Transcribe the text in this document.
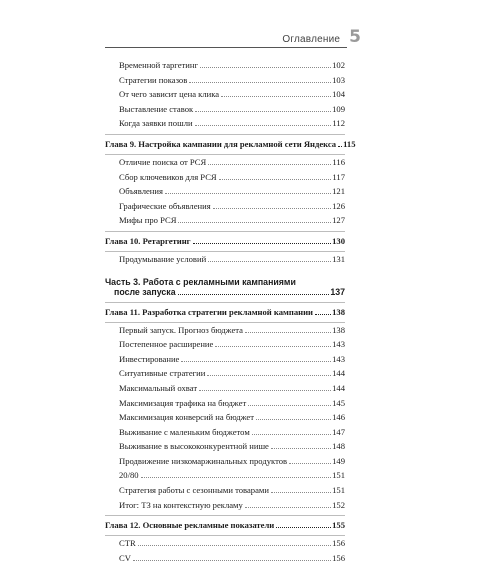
Оглавление 5
Временной таргетинг	102
Стратегии показов	103
От чего зависит цена клика	104
Выставление ставок	109
Когда заявки пошли	112
Глава 9. Настройка кампании для рекламной сети Яндекса 115
Отличие поиска от РСЯ	116
Сбор ключевиков для РСЯ	117
Объявления	121
Графические объявления	126
Мифы про РСЯ	127
Глава 10. Ретаргетинг	130
Продумывание условий	131
Часть 3. Работа с рекламными кампаниями
после запуска	137
Глава 11. Разработка стратегии рекламной кампании 138
Первый запуск. Прогноз бюджета	138
Постепенное расширение	143
Инвестирование	143
Ситуативные стратегии	144
Максимальный охват	144
Максимизация трафика на бюджет	145
Максимизация конверсий на бюджет	146
Выживание с маленьким бюджетом	147
Выживание в высококонкурентной нише	148
Продвижение низкомаржинальных продуктов	149
20/80	151
Стратегия работы с сезонными товарами	151
Итог: ТЗ на контекстную рекламу	152
Глава 12. Основные рекламные показатели	155
CTR	156
CV	156
